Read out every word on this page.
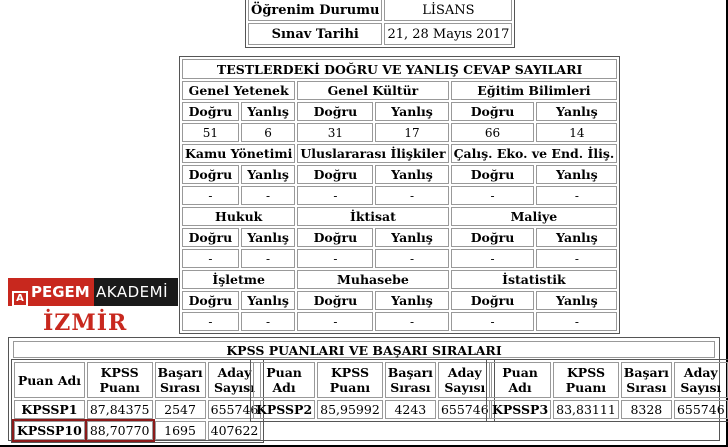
Öğrenim Durumu	LİSANS
Sınav Tarihi	21, 28 Mayıs 2017
TESTLERDEKİ DOĞRU VE YANLIŞ CEVAP SAYILARI					
Genel Yetenek		Genel Kültür		Eğitim Bilimleri	
Doğru	Yanlış	Doğru	Yanlış	Doğru	Yanlış
51	6	31	17	66	14
Kamu Yönetimi		Uluslararası İlişkiler		Çalış. Eko. ve End. İliş.	
Doğru	Yanlış	Doğru	Yanlış	Doğru	Yanlış
-	-	-	-	-	-
Hukuk		İktisat		Maliye	
Doğru	Yanlış	Doğru	Yanlış	Doğru	Yanlış
-	-	-	-	-	-
İşletme		Muhasebe		İstatistik	
Doğru	Yanlış	Doğru	Yanlış	Doğru	Yanlış
-	-	-	-	-	-
A PEGEM AKADEMİ
İZMİR
KPSS PUANLARI VE BAŞARI SIRALARI
Puan Adı	KPSS Puanı	Başarı Sırası	Aday Sayısı
KPSSP1	87,84375	2547	655746
KPSSP10	88,70770	1695	407622
Puan Adı	KPSS Puanı	Başarı Sırası	Aday Sayısı
KPSSP2	85,95992	4243	655746
Puan Adı	KPSS Puanı	Başarı Sırası	Aday Sayısı
KPSSP3	83,83111	8328	655746
